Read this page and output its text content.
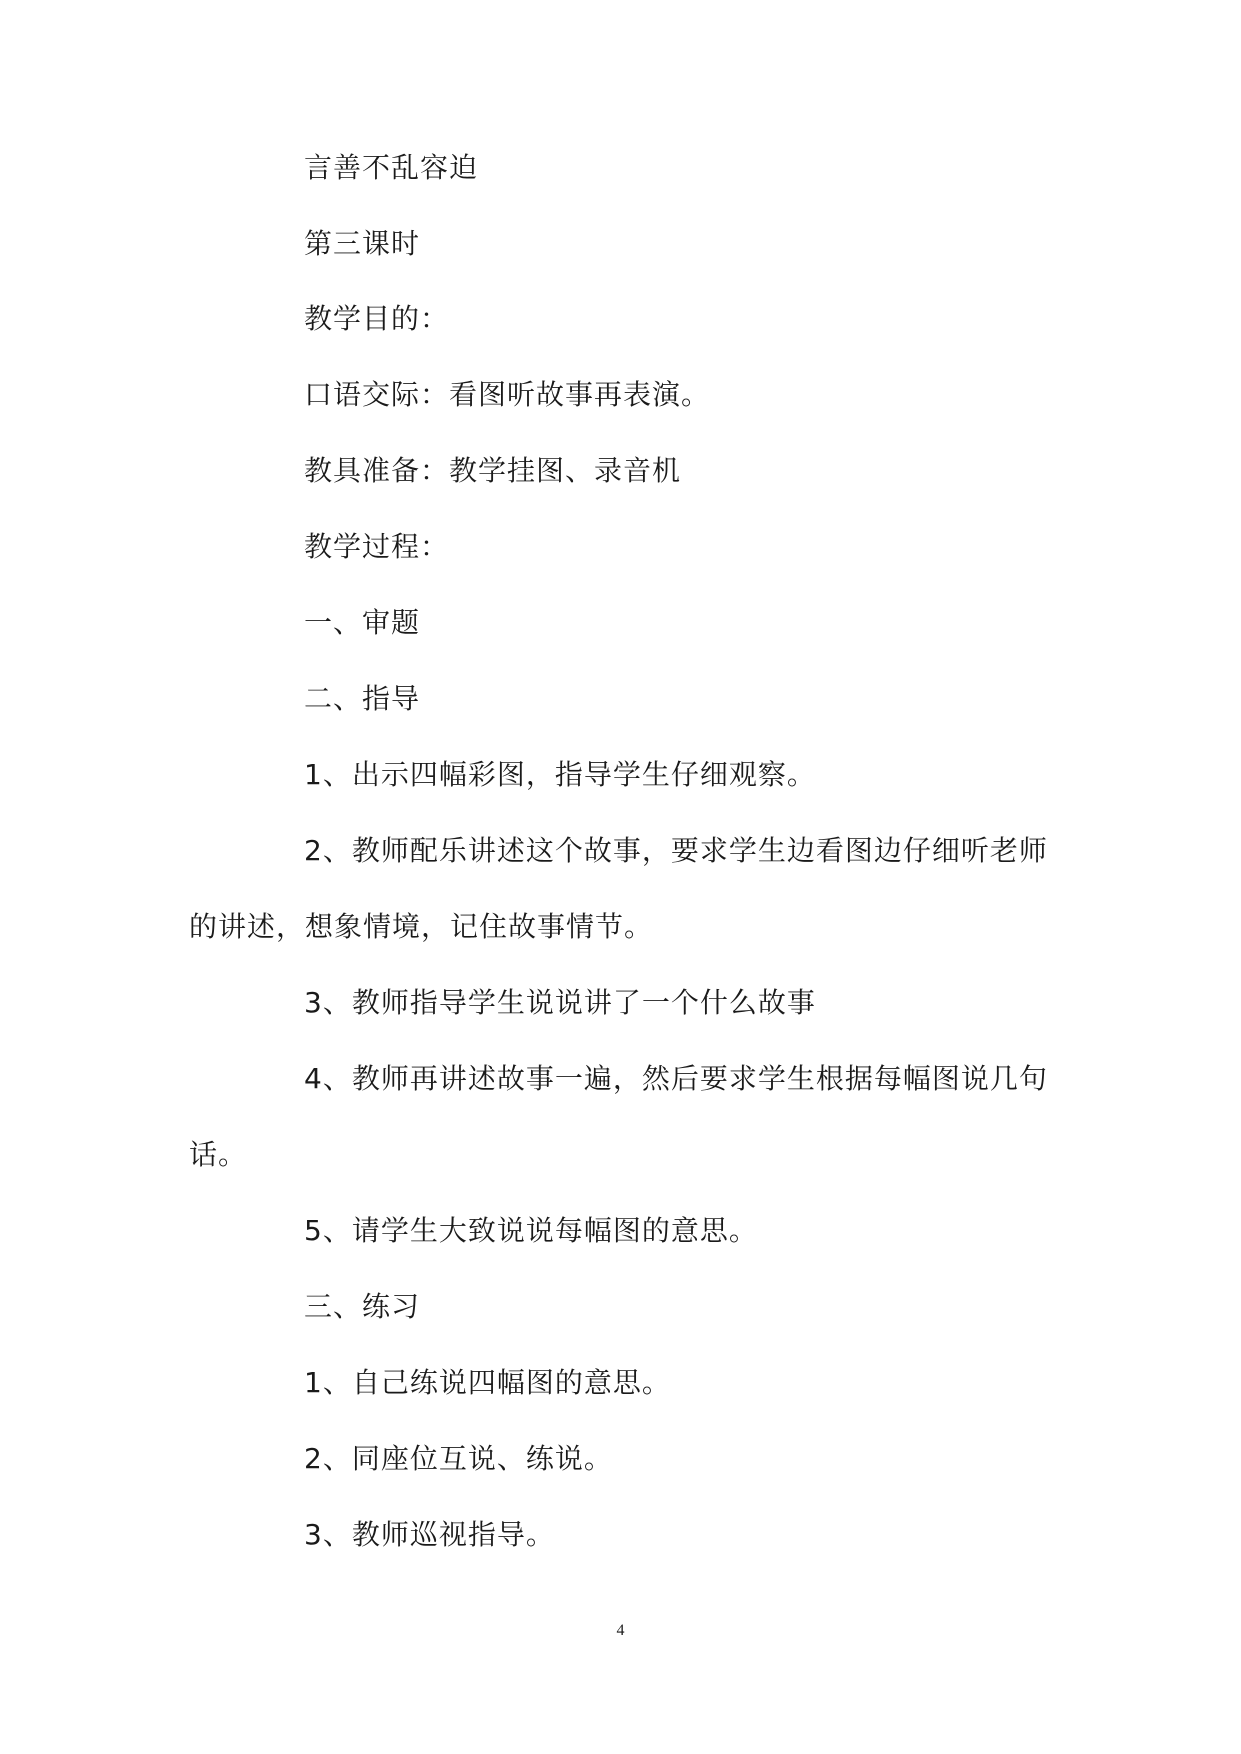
言善不乱容迫
第三课时
教学目的：
口语交际：看图听故事再表演。
教具准备：教学挂图、录音机
教学过程：
一、审题
二、指导
1、出示四幅彩图，指导学生仔细观察。
2、教师配乐讲述这个故事，要求学生边看图边仔细听老师
的讲述，想象情境，记住故事情节。
3、教师指导学生说说讲了一个什么故事
4、教师再讲述故事一遍，然后要求学生根据每幅图说几句
话。
5、请学生大致说说每幅图的意思。
三、练习
1、自己练说四幅图的意思。
2、同座位互说、练说。
3、教师巡视指导。
4
